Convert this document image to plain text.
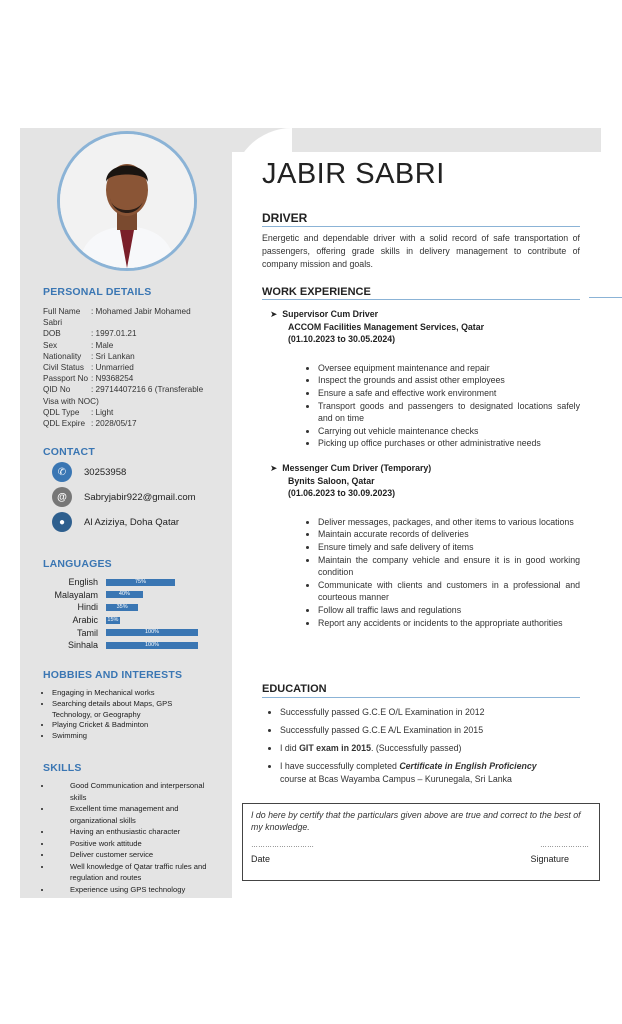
PERSONAL DETAILS
Full Name	: Mohamed Jabir Mohamed
Sabri
DOB	: 1997.01.21
Sex	: Male
Nationality	: Sri Lankan
Civil Status : Unmarried
Passport No : N9368254
QID No	: 29714407216 6 (Transferable
Visa with NOC)
QDL Type	: Light
QDL Expire : 2028/05/17
CONTACT
✆	30253958
@	Sabryjabir922@gmail.com
●	Al Aziziya, Doha Qatar
LANGUAGES
English	75%
Malayalam	40%
Hindi	35%
Arabic	15%
Tamil	100%
Sinhala	100%
HOBBIES AND INTERESTS
• Engaging in Mechanical works
• Searching details about Maps, GPS Technology, or Geography
• Playing Cricket & Badminton
• Swimming
SKILLS
• Good Communication and interpersonal skills
• Excellent time management and organizational skills
• Having an enthusiastic character
• Positive work attitude
• Deliver customer service
• Well knowledge of Qatar traffic rules and regulation and routes
• Experience using GPS technology
JABIR SABRI
DRIVER
Energetic and dependable driver with a solid record of safe transportation of passengers, offering grade skills in delivery management to contribute of company mission and goals.
WORK EXPERIENCE
➤ Supervisor Cum Driver
ACCOM Facilities Management Services, Qatar
(01.10.2023 to 30.05.2024)
• Oversee equipment maintenance and repair
• Inspect the grounds and assist other employees
• Ensure a safe and effective work environment
• Transport goods and passengers to designated locations safely and on time
• Carrying out vehicle maintenance checks
• Picking up office purchases or other administrative needs
➤ Messenger Cum Driver (Temporary)
Bynits Saloon, Qatar
(01.06.2023 to 30.09.2023)
• Deliver messages, packages, and other items to various locations
• Maintain accurate records of deliveries
• Ensure timely and safe delivery of items
• Maintain the company vehicle and ensure it is in good working condition
• Communicate with clients and customers in a professional and courteous manner
• Follow all traffic laws and regulations
• Report any accidents or incidents to the appropriate authorities
EDUCATION
• Successfully passed G.C.E O/L Examination in 2012
• Successfully passed G.C.E A/L Examination in 2015
• I did GIT exam in 2015. (Successfully passed)
• I have successfully completed Certificate in English Proficiency
course at Bcas Wayamba Campus – Kurunegala, Sri Lanka
I do here by certify that the particulars given above are true and correct to the best of my knowledge.
………………………	…………………
Date	Signature
